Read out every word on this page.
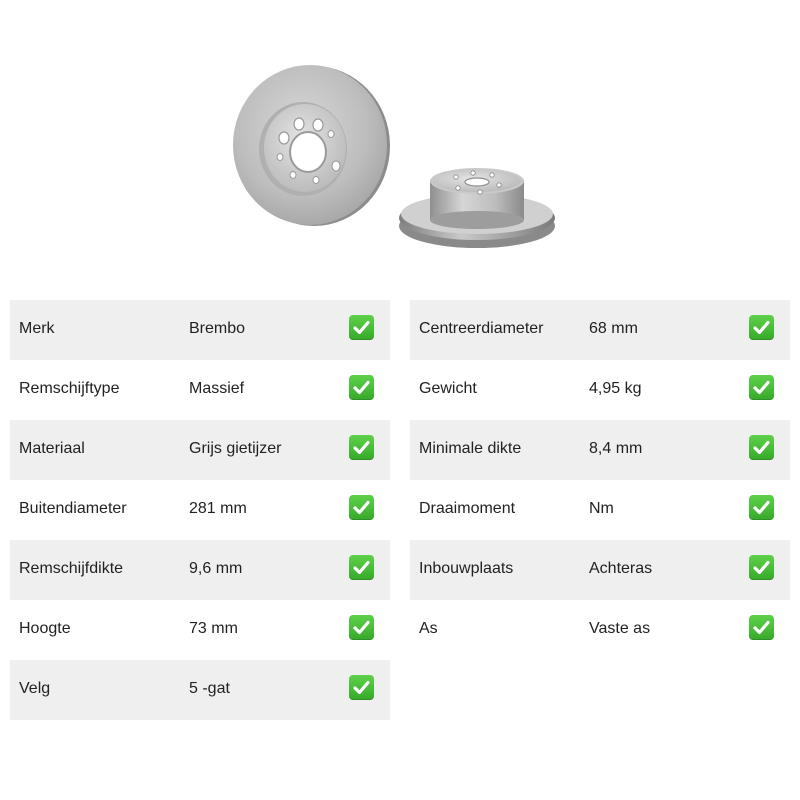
Merk	Brembo
Remschijftype	Massief
Materiaal	Grijs gietijzer
Buitendiameter	281 mm
Remschijfdikte	9,6 mm
Hoogte	73 mm
Velg	5 -gat
Centreerdiameter	68 mm
Gewicht	4,95 kg
Minimale dikte	8,4 mm
Draaimoment	Nm
Inbouwplaats	Achteras
As	Vaste as
